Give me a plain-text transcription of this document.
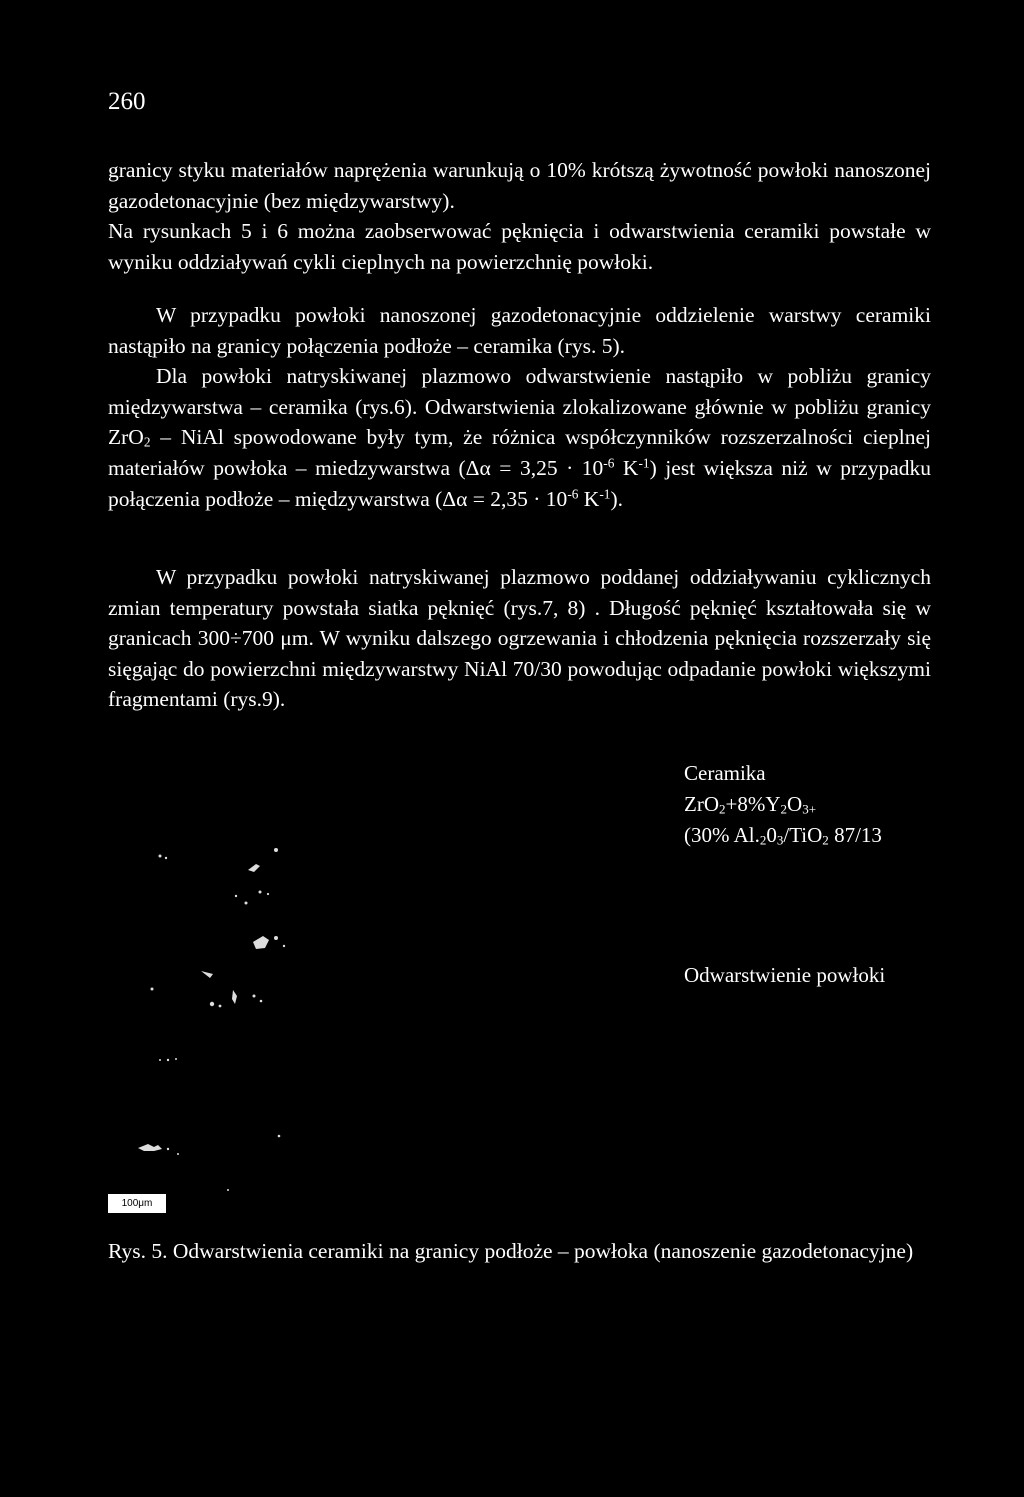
260

granicy styku materiałów naprężenia warunkują o 10% krótszą żywotność powłoki nanoszonej gazodetonacyjnie (bez międzywarstwy).
Na rysunkach 5 i 6 można zaobserwować pęknięcia i odwarstwienia ceramiki powstałe w wyniku oddziaływań cykli cieplnych na powierzchnię powłoki.

W przypadku powłoki nanoszonej gazodetonacyjnie oddzielenie warstwy ceramiki nastąpiło na granicy połączenia podłoże – ceramika (rys. 5).
Dla powłoki natryskiwanej plazmowo odwarstwienie nastąpiło w pobliżu granicy międzywarstwa – ceramika (rys.6). Odwarstwienia zlokalizowane głównie w pobliżu granicy ZrO$_2$ – NiAl spowodowane były tym, że różnica współczynników rozszerzalności cieplnej materiałów powłoka – miedzywarstwa ($\Delta\alpha = 3,25 \cdot 10^{-6}$ $K^{-1}$) jest większa niż w przypadku połączenia podłoże – międzywarstwa ($\Delta\alpha = 2,35 \cdot 10^{-6}$ $K^{-1}$).

W przypadku powłoki natryskiwanej plazmowo poddanej oddziaływaniu cyklicznych zmian temperatury powstała siatka pęknięć (rys.7, 8) . Długość pęknięć kształtowała się w granicach 300÷700 μm. W wyniku dalszego ogrzewania i chłodzenia pęknięcia rozszerzały się sięgając do powierzchni międzywarstwy NiAl 70/30 powodując odpadanie powłoki większymi fragmentami (rys.9).

100μm
Ceramika
$ZrO_2+8\%Y_2O_{3+}$
(30% $Al._20_3/TiO_2$ 87/13
Odwarstwienie powłoki
Rys. 5. Odwarstwienia ceramiki na granicy podłoże – powłoka (nanoszenie gazodetonacyjne)
